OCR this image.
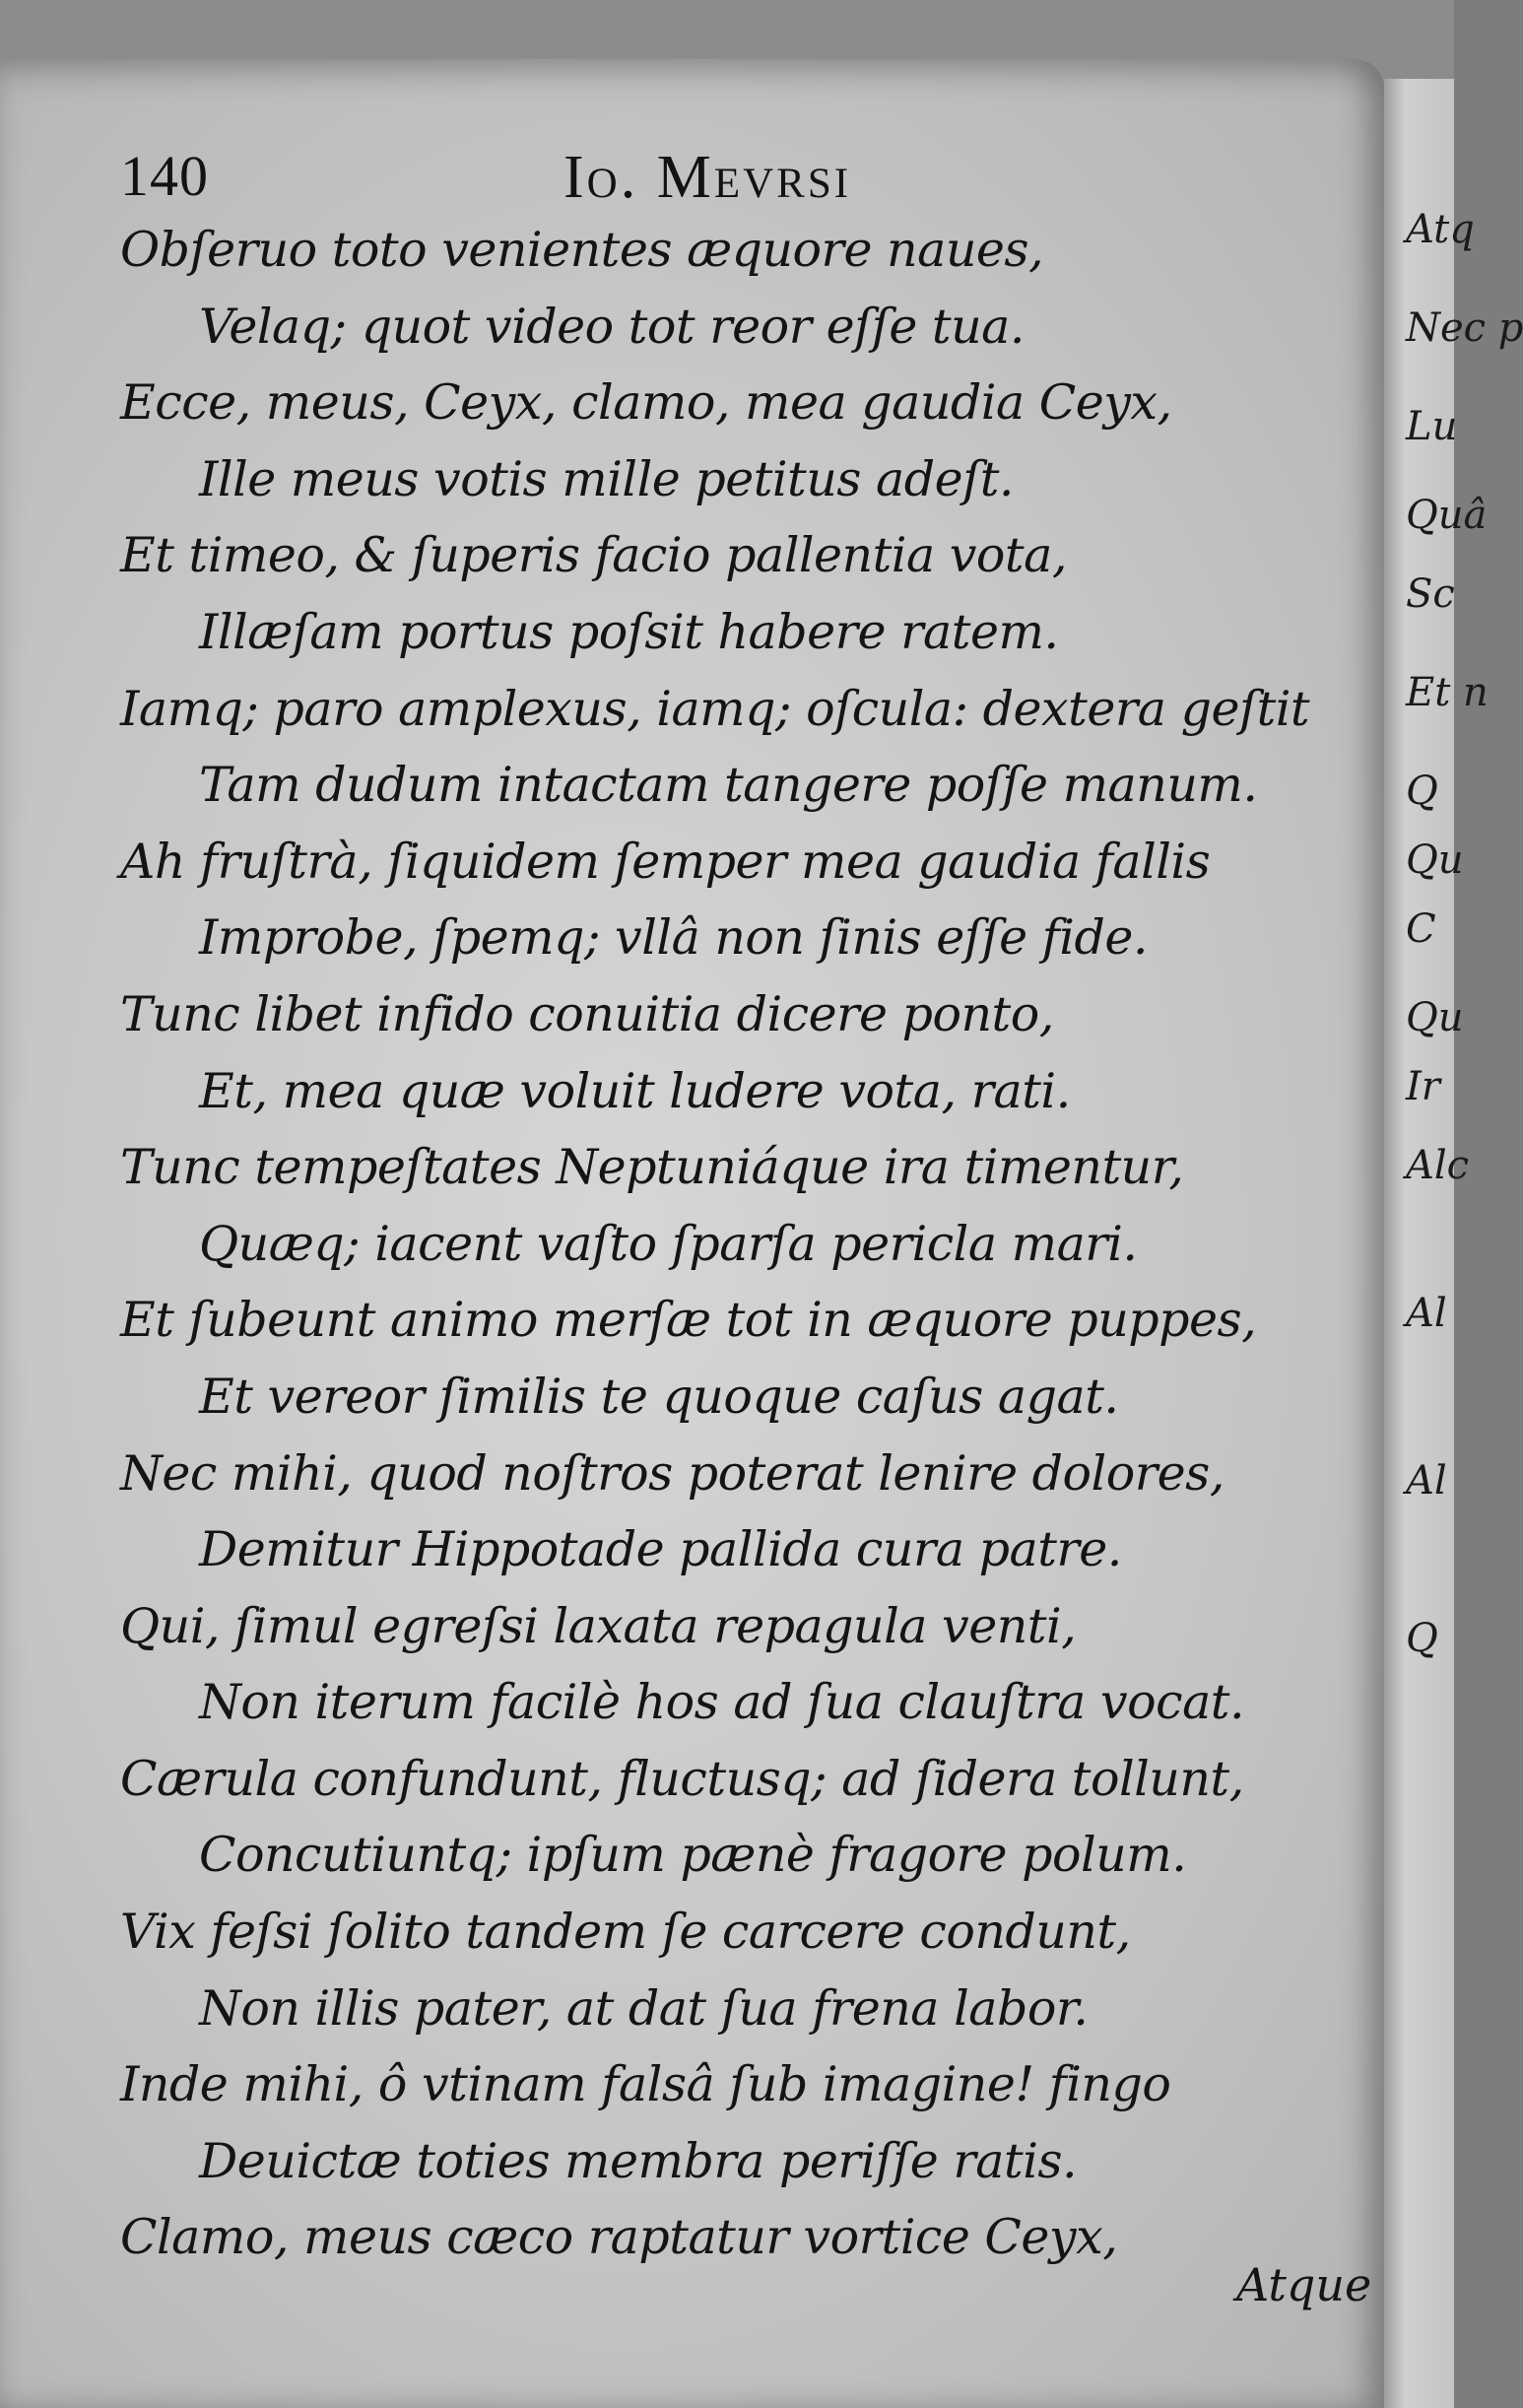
Atq
Nec p
Lu
Quâ
Sc
Et n
Q
Qu
C
Qu
Ir
Alc
Al
Al
Q
140	Io. Mevrsi
Obſeruo toto venientes æquore naues,
Velaq; quot video tot reor eſſe tua.
Ecce, meus, Ceyx, clamo, mea gaudia Ceyx,
Ille meus votis mille petitus adeſt.
Et timeo, & ſuperis facio pallentia vota,
Illæſam portus poſsit habere ratem.
Iamq; paro amplexus, iamq; oſcula: dextera geſtit
Tam dudum intactam tangere poſſe manum.
Ah fruſtrà, ſiquidem ſemper mea gaudia fallis
Improbe, ſpemq; vllâ non ſinis eſſe fide.
Tunc libet infido conuitia dicere ponto,
Et, mea quæ voluit ludere vota, rati.
Tunc tempeſtates Neptuniáque ira timentur,
Quæq; iacent vaſto ſparſa pericla mari.
Et ſubeunt animo merſæ tot in æquore puppes,
Et vereor ſimilis te quoque caſus agat.
Nec mihi, quod noſtros poterat lenire dolores,
Demitur Hippotade pallida cura patre.
Qui, ſimul egreſsi laxata repagula venti,
Non iterum facilè hos ad ſua clauſtra vocat.
Cærula confundunt, fluctusq; ad ſidera tollunt,
Concutiuntq; ipſum pænè fragore polum.
Vix feſsi ſolito tandem ſe carcere condunt,
Non illis pater, at dat ſua frena labor.
Inde mihi, ô vtinam falsâ ſub imagine! fingo
Deuictæ toties membra periſſe ratis.
Clamo, meus cæco raptatur vortice Ceyx,
Atque
